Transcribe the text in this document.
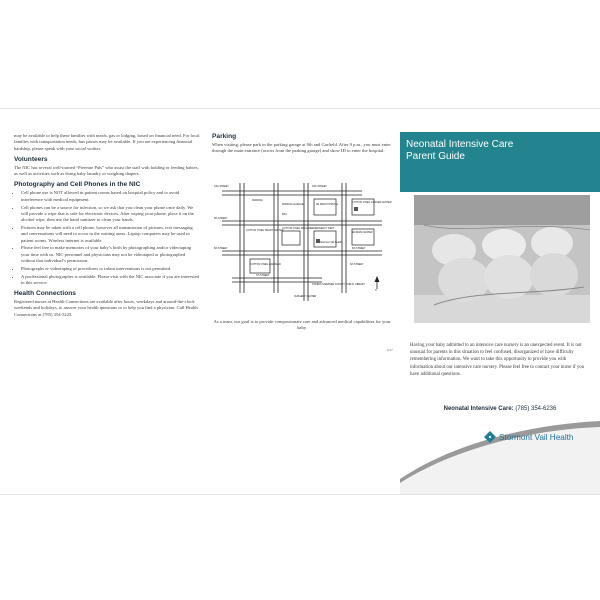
may be available to help these families with meals, gas or lodging, based on financial need. For local families with transportation needs, bus passes may be available. If you are experiencing financial hardship, please speak with your social worker.

Volunteers

The NIC has several well-trained “Preemie Pals” who assist the staff with holding or feeding babies, as well as activities such as doing baby laundry or weighing diapers.

Photography and Cell Phones in the NIC
• Cell phone use is NOT allowed in patient rooms based on hospital policy and to avoid interference with medical equipment.
• Cell phones can be a source for infection, so we ask that you clean your phone once daily. We will provide a wipe that is safe for electronic devices. After wiping your phone, place it on the alcohol wipe, then use the hand sanitizer to clean your hands.
• Pictures may be taken with a cell phone, however all transmission of pictures, text messaging and conversations will need to occur in the waiting areas. Laptop computers may be used in patient rooms. Wireless internet is available.
• Please feel free to make memories of your baby’s birth by photographing and/or videotaping your time with us. NIC personnel and physicians may not be videotaped or photographed without that individual’s permission.
• Photographs or videotaping of procedures or infant interventions is not permitted.
• A professional photographer is available. Please visit with the NIC associate if you are interested in this service.
Health Connections

Registered nurses at Health Connections are available after hours, weekdays and around-the-clock weekends and holidays, to answer your health questions or to help you find a physician. Call Health Connections at (785) 354-5225.

Parking

When visiting, please park in the parking garage at 9th and Garfield. After 9 p.m., you must enter through the main entrance (across from the parking garage) and show ID to enter the hospital.

10th STREET	10th STREET
9th STREET
8th STREET	8th STREET
7th STREET
6th STREET
PARKING
COTTON O'NEIL MULVANE
COTTON O'NEIL HEART CENTER
COTTON O'NEIL GARFIELD
EMERGENCY DEPT.
Stormont Vail Health
SE MAIN HOSPITAL
PARKING GARAGE
BSC
COTTON O'NEIL CANCER CENTER
SURGERY CENTER
TOPEKA SHAWNEE COUNTY PUBLIC LIBRARY
ED MAIN CENTER
N
As a team, our goal is to provide compassionate care and advanced medical capabilities for your baby.
6/17
Neonatal Intensive Care
Parent Guide
Having your baby admitted to an intensive care nursery is an unexpected event. It is not unusual for parents in this situation to feel confused, disorganized or have difficulty remembering information. We want to take this opportunity to provide you with information about our intensive care nursery. Please feel free to contact your nurse if you have additional questions.
Neonatal Intensive Care: (785) 354-6236
Stormont Vail Health
